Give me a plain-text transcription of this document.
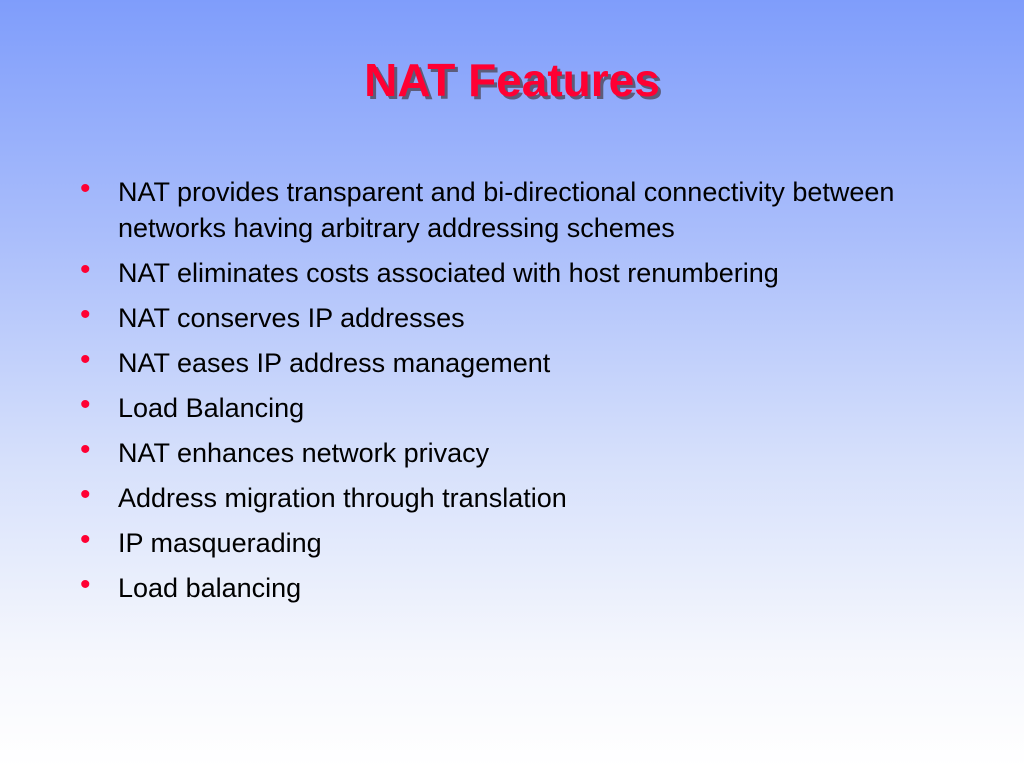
NAT Features
•	NAT provides transparent and bi-directional connectivity between networks having arbitrary addressing schemes
•	NAT eliminates costs associated with host renumbering
•	NAT conserves IP addresses
•	NAT eases IP address management
•	Load Balancing
•	NAT enhances network privacy
•	Address migration through translation
•	IP masquerading
•	Load balancing
